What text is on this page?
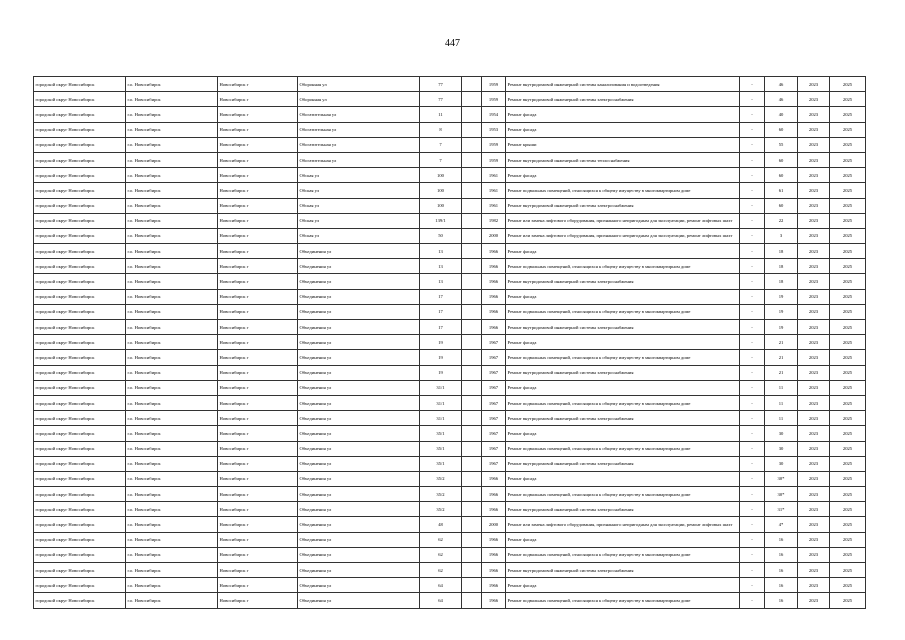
447
городской округ Новосибирск	г.о. Новосибирск	Новосибирск г	Оборонная ул	77		1959	Ремонт внутридомовой инженерной системы канализования и водоотведения	-	46	2023	2025
городской округ Новосибирск	г.о. Новосибирск	Новосибирск г	Оборонная ул	77		1959	Ремонт внутридомовой инженерной системы электроснабжения	-	46	2023	2025
городской округ Новосибирск	г.о. Новосибирск	Новосибирск г	Обогатительная ул	11		1954	Ремонт фасада	-	40	2023	2025
городской округ Новосибирск	г.о. Новосибирск	Новосибирск г	Обогатительная ул	8		1953	Ремонт фасада	-	60	2023	2025
городской округ Новосибирск	г.о. Новосибирск	Новосибирск г	Обогатительная ул	7		1959	Ремонт крыши	-	55	2023	2025
городской округ Новосибирск	г.о. Новосибирск	Новосибирск г	Обогатительная ул	7		1959	Ремонт внутридомовой инженерной системы теплоснабжения	-	60	2023	2025
городской округ Новосибирск	г.о. Новосибирск	Новосибирск г	Обская ул	100		1961	Ремонт фасада	-	60	2023	2025
городской округ Новосибирск	г.о. Новосибирск	Новосибирск г	Обская ул	100		1961	Ремонт подвальных помещений, относящихся к общему имуществу в многоквартирном доме	-	61	2023	2025
городской округ Новосибирск	г.о. Новосибирск	Новосибирск г	Обская ул	100		1961	Ремонт внутридомовой инженерной системы электроснабжения	-	60	2023	2025
городской округ Новосибирск	г.о. Новосибирск	Новосибирск г	Обская ул	139/1		1982	Ремонт или замена лифтового оборудования, признанного непригодным для эксплуатации, ремонт лифтовых шахт	-	22	2023	2025
городской округ Новосибирск	г.о. Новосибирск	Новосибирск г	Обская ул	50		2000	Ремонт или замена лифтового оборудования, признанного непригодным для эксплуатации, ремонт лифтовых шахт	-	3	2023	2025
городской округ Новосибирск	г.о. Новосибирск	Новосибирск г	Объединения ул	13		1966	Ремонт фасада	-	18	2023	2025
городской округ Новосибирск	г.о. Новосибирск	Новосибирск г	Объединения ул	13		1966	Ремонт подвальных помещений, относящихся к общему имуществу в многоквартирном доме	-	18	2023	2025
городской округ Новосибирск	г.о. Новосибирск	Новосибирск г	Объединения ул	13		1966	Ремонт внутридомовой инженерной системы электроснабжения	-	18	2023	2025
городской округ Новосибирск	г.о. Новосибирск	Новосибирск г	Объединения ул	17		1966	Ремонт фасада	-	19	2023	2025
городской округ Новосибирск	г.о. Новосибирск	Новосибирск г	Объединения ул	17		1966	Ремонт подвальных помещений, относящихся к общему имуществу в многоквартирном доме	-	19	2023	2025
городской округ Новосибирск	г.о. Новосибирск	Новосибирск г	Объединения ул	17		1966	Ремонт внутридомовой инженерной системы электроснабжения	-	19	2023	2025
городской округ Новосибирск	г.о. Новосибирск	Новосибирск г	Объединения ул	19		1967	Ремонт фасада	-	21	2023	2025
городской округ Новосибирск	г.о. Новосибирск	Новосибирск г	Объединения ул	19		1967	Ремонт подвальных помещений, относящихся к общему имуществу в многоквартирном доме	-	21	2023	2025
городской округ Новосибирск	г.о. Новосибирск	Новосибирск г	Объединения ул	19		1967	Ремонт внутридомовой инженерной системы электроснабжения	-	21	2023	2025
городской округ Новосибирск	г.о. Новосибирск	Новосибирск г	Объединения ул	31/1		1967	Ремонт фасада	-	11	2023	2025
городской округ Новосибирск	г.о. Новосибирск	Новосибирск г	Объединения ул	31/1		1967	Ремонт подвальных помещений, относящихся к общему имуществу в многоквартирном доме	-	11	2023	2025
городской округ Новосибирск	г.о. Новосибирск	Новосибирск г	Объединения ул	31/1		1967	Ремонт внутридомовой инженерной системы электроснабжения	-	11	2023	2025
городской округ Новосибирск	г.о. Новосибирск	Новосибирск г	Объединения ул	35/1		1967	Ремонт фасада	-	30	2023	2025
городской округ Новосибирск	г.о. Новосибирск	Новосибирск г	Объединения ул	35/1		1967	Ремонт подвальных помещений, относящихся к общему имуществу в многоквартирном доме	-	30	2023	2025
городской округ Новосибирск	г.о. Новосибирск	Новосибирск г	Объединения ул	35/1		1967	Ремонт внутридомовой инженерной системы электроснабжения	-	30	2023	2025
городской округ Новосибирск	г.о. Новосибирск	Новосибирск г	Объединения ул	35/2		1966	Ремонт фасада	-	30*	2023	2025
городской округ Новосибирск	г.о. Новосибирск	Новосибирск г	Объединения ул	35/2		1966	Ремонт подвальных помещений, относящихся к общему имуществу в многоквартирном доме	-	30*	2023	2025
городской округ Новосибирск	г.о. Новосибирск	Новосибирск г	Объединения ул	35/2		1966	Ремонт внутридомовой инженерной системы электроснабжения	-	31*	2023	2025
городской округ Новосибирск	г.о. Новосибирск	Новосибирск г	Объединения ул	48		2000	Ремонт или замена лифтового оборудования, признанного непригодным для эксплуатации, ремонт лифтовых шахт	-	4*	2023	2025
городской округ Новосибирск	г.о. Новосибирск	Новосибирск г	Объединения ул	62		1966	Ремонт фасада	-	16	2023	2025
городской округ Новосибирск	г.о. Новосибирск	Новосибирск г	Объединения ул	62		1966	Ремонт подвальных помещений, относящихся к общему имуществу в многоквартирном доме	-	16	2023	2025
городской округ Новосибирск	г.о. Новосибирск	Новосибирск г	Объединения ул	62		1966	Ремонт внутридомовой инженерной системы электроснабжения	-	16	2023	2025
городской округ Новосибирск	г.о. Новосибирск	Новосибирск г	Объединения ул	64		1966	Ремонт фасада	-	16	2023	2025
городской округ Новосибирск	г.о. Новосибирск	Новосибирск г	Объединения ул	64		1966	Ремонт подвальных помещений, относящихся к общему имуществу в многоквартирном доме	-	16	2023	2025
